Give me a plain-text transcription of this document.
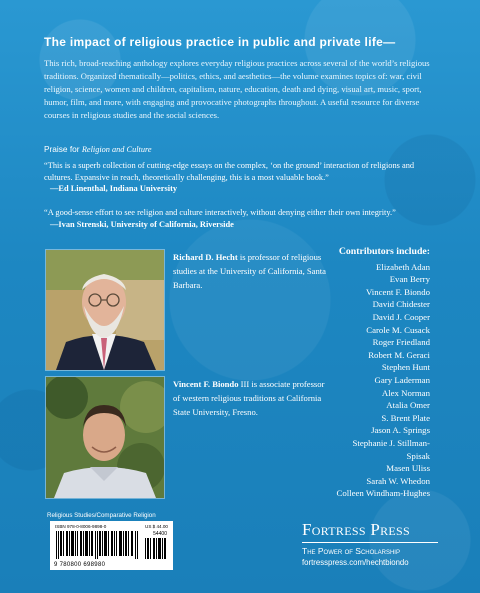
The impact of religious practice in public and private life—
This rich, broad-reaching anthology explores everyday religious practices across several of the world’s religious traditions. Organized thematically—politics, ethics, and aesthetics—the volume examines topics of: war, civil religion, science, women and children, capitalism, nature, education, death and dying, visual art, music, sport, humor, film, and more, with engaging and provocative photographs throughout. A useful resource for diverse courses in religious studies and the social sciences.
Praise for Religion and Culture
“This is a superb collection of cutting-edge essays on the complex, ‘on the ground’ interaction of religions and cultures. Expansive in reach, theoretically challenging, this is a most valuable book.”
—Ed Linenthal, Indiana University
“A good-sense effort to see religion and culture interactively, without denying either their own integrity.”
—Ivan Strenski, University of California, Riverside
Richard D. Hecht is professor of religious studies at the University of California, Santa Barbara.
Vincent F. Biondo III is associate professor of western religious traditions at California State University, Fresno.
Contributors include:
Elizabeth Adan
Evan Berry
Vincent F. Biondo
David Chidester
David J. Cooper
Carole M. Cusack
Roger Friedland
Robert M. Geraci
Stephen Hunt
Gary Laderman
Alex Norman
Atalia Omer
S. Brent Plate
Jason A. Springs
Stephanie J. Stillman-Spisak
Masen Uliss
Sarah W. Whedon
Colleen Windham-Hughes
Religious Studies/Comparative Religion
ISBN 978-0-8006-9898-0	US $ 44.00
54400
9 780800 698980
Fortress Press
The Power of Scholarship
fortresspress.com/hechtbiondo
